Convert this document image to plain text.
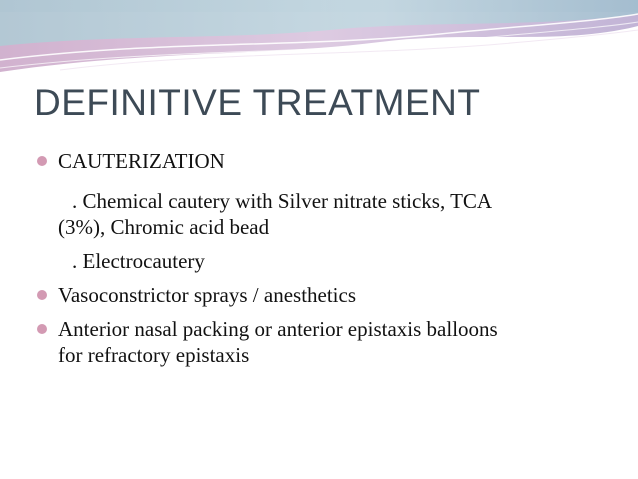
DEFINITIVE TREATMENT
CAUTERIZATION
. Chemical cautery with Silver nitrate sticks, TCA
(3%), Chromic acid bead
. Electrocautery
Vasoconstrictor sprays / anesthetics
Anterior nasal packing or anterior epistaxis balloons
for refractory epistaxis
